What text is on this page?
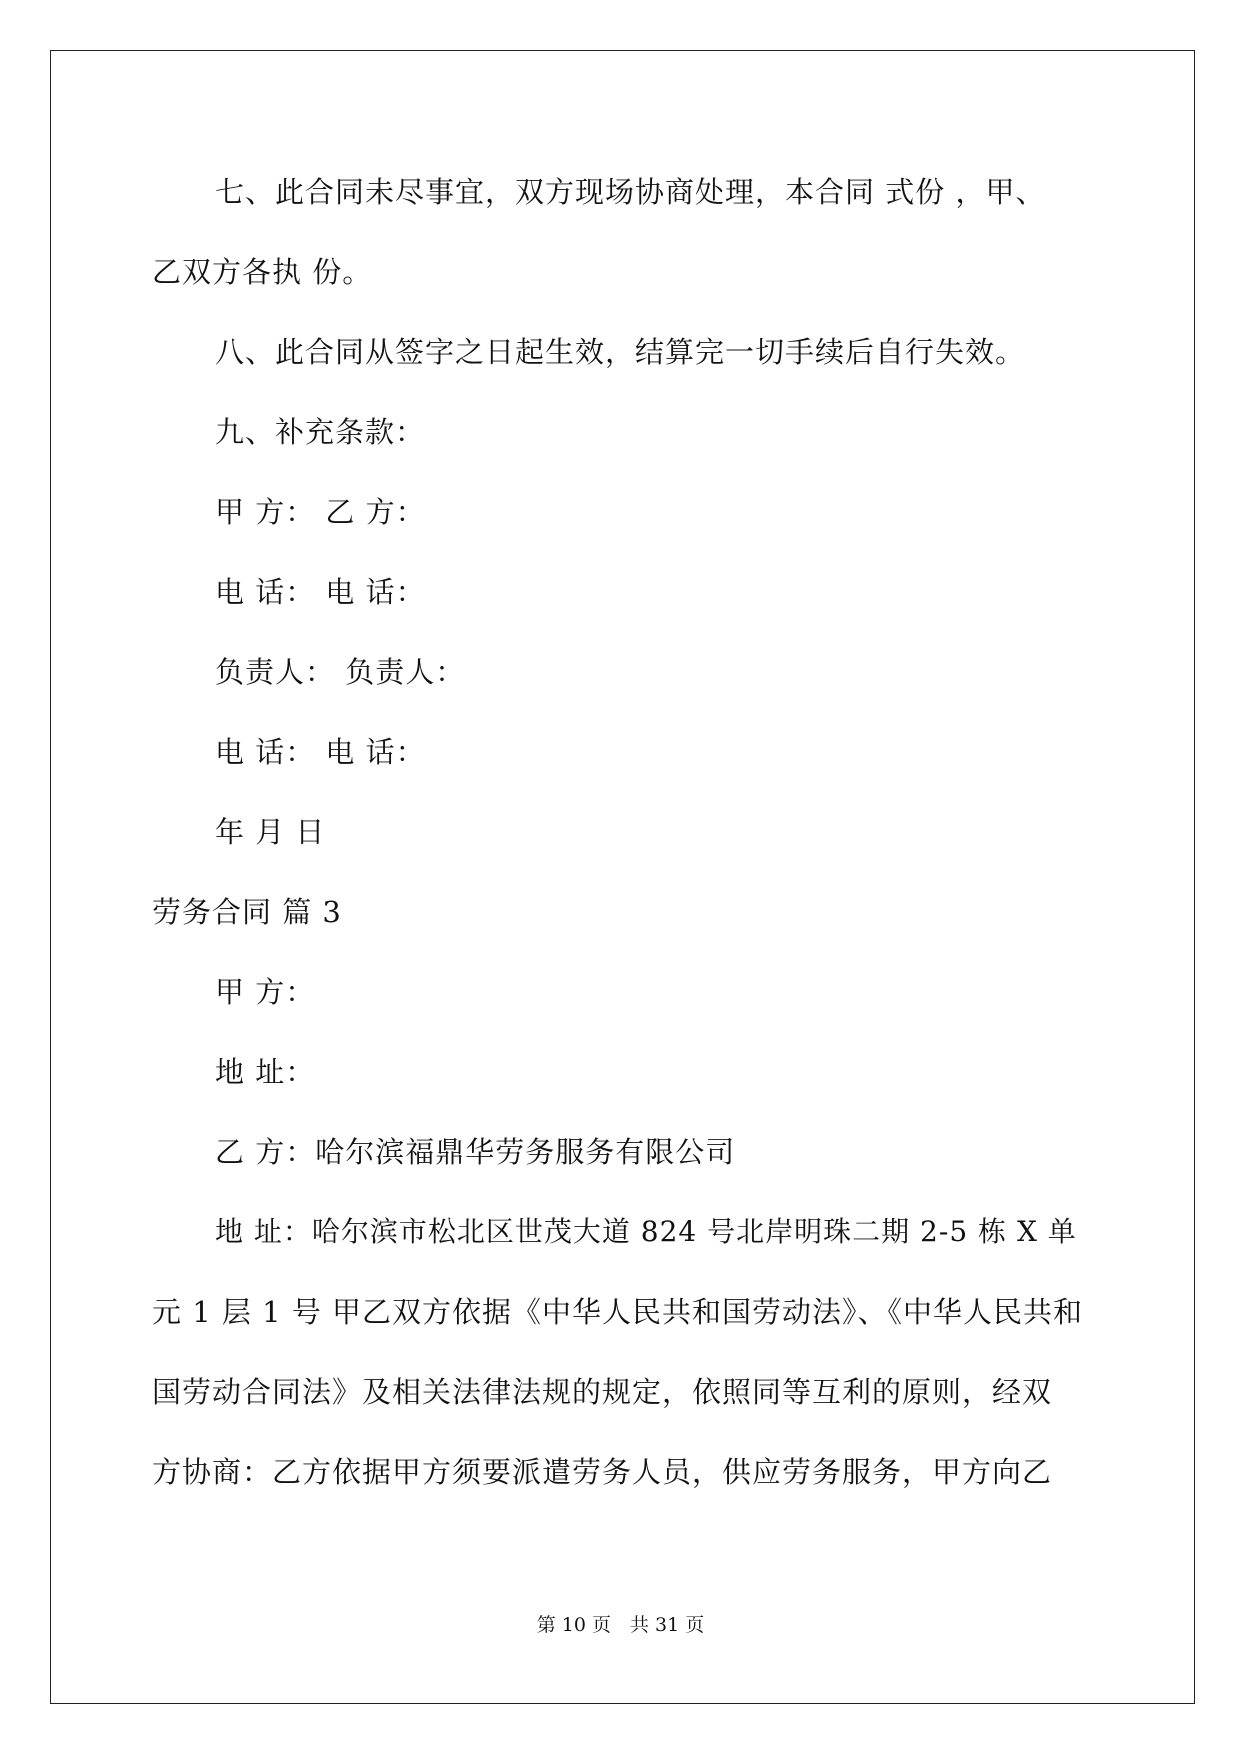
七、此合同未尽事宜，双方现场协商处理，本合同 式份 ，甲、
乙双方各执 份。
八、此合同从签字之日起生效，结算完一切手续后自行失效。
九、补充条款：
甲 方： 乙 方：
电 话： 电 话：
负责人： 负责人：
电 话： 电 话：
年 月 日
劳务合同 篇 3
甲 方：
地 址：
乙 方：哈尔滨福鼎华劳务服务有限公司
地 址：哈尔滨市松北区世茂大道 824 号北岸明珠二期 2-5 栋 X 单
元 1 层 1 号 甲乙双方依据《中华人民共和国劳动法》、《中华人民共和
国劳动合同法》及相关法律法规的规定，依照同等互利的原则，经双
方协商：乙方依据甲方须要派遣劳务人员，供应劳务服务，甲方向乙
第 10 页　共 31 页
